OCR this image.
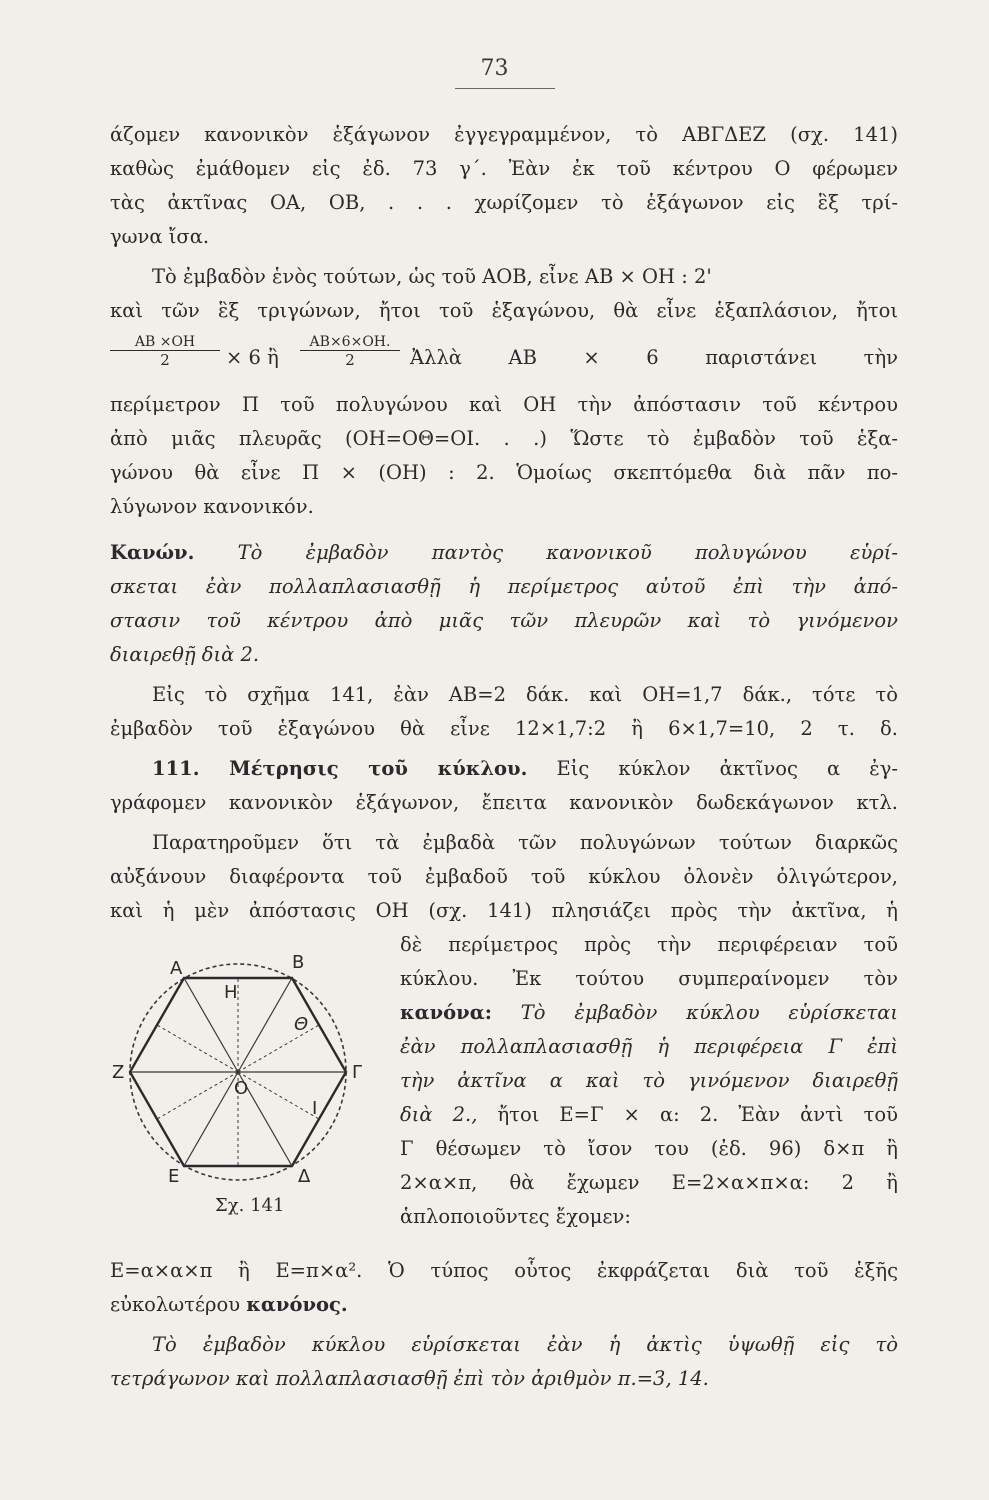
73

άζομεν κανονικὸν ἑξάγωνον ἐγγεγραμμένον, τὸ ΑΒΓΔΕΖ (σχ. 141)

καθὼς ἐμάθομεν εἰς ἐδ. 73 γ΄. Ἐὰν ἐκ τοῦ κέντρου Ο φέρωμεν

τὰς ἀκτῖνας ΟΑ, ΟΒ, . . . χωρίζομεν τὸ ἑξάγωνον εἰς ἓξ τρί-

γωνα ἴσα.

Τὸ ἐμβαδὸν ἑνὸς τούτων, ὡς τοῦ ΑΟΒ, εἶνε ΑΒ ⨯ ΟΗ : 2'

καὶ τῶν ἓξ τριγώνων, ἤτοι τοῦ ἑξαγώνου, θὰ εἶνε ἑξαπλάσιον, ἤτοι

ΑΒ ⨯ΟΗ
2	⨯ 6 ἢ

ΑΒ⨯6⨯ΟΗ.
2	Ἀλλὰ ΑΒ ⨯ 6 παριστάνει τὴν

περίμετρον Π τοῦ πολυγώνου καὶ ΟΗ τὴν ἀπόστασιν τοῦ κέντρου

ἀπὸ μιᾶς πλευρᾶς (ΟΗ=ΟΘ=ΟΙ. . .) Ὥστε τὸ ἐμβαδὸν τοῦ ἑξα-

γώνου θὰ εἶνε Π ⨯ (ΟΗ) : 2. Ὁμοίως σκεπτόμεθα διὰ πᾶν πο-

λύγωνον κανονικόν.

Κανών. Τὸ ἐμβαδὸν παντὸς κανονικοῦ πολυγώνου εὑρί-

σκεται ἐὰν πολλαπλασιασθῇ ἡ περίμετρος αὐτοῦ ἐπὶ τὴν ἀπό-

στασιν τοῦ κέντρου ἀπὸ μιᾶς τῶν πλευρῶν καὶ τὸ γινόμενον

διαιρεθῇ διὰ 2.

Εἰς τὸ σχῆμα 141, ἐὰν ΑΒ=2 δάκ. καὶ ΟΗ=1,7 δάκ., τότε τὸ

ἐμβαδὸν τοῦ ἑξαγώνου θὰ εἶνε 12⨯1,7:2 ἢ 6⨯1,7=10, 2 τ. δ.

111. Μέτρησις τοῦ κύκλου. Εἰς κύκλον ἀκτῖνος α ἐγ-

γράφομεν κανονικὸν ἑξάγωνον, ἔπειτα κανονικὸν δωδεκάγωνον κτλ.

Παρατηροῦμεν ὅτι τὰ ἐμβαδὰ τῶν πολυγώνων τούτων διαρκῶς

αὐξάνουν διαφέροντα τοῦ ἐμβαδοῦ τοῦ κύκλου ὀλονὲν ὀλιγώτερον,

καὶ ἡ μὲν ἀπόστασις ΟΗ (σχ. 141) πλησιάζει πρὸς τὴν ἀκτῖνα, ἡ

δὲ περίμετρος πρὸς τὴν περιφέρειαν τοῦ

κύκλου. Ἐκ τούτου συμπεραίνομεν τὸν

κανόνα: Τὸ ἐμβαδὸν κύκλου εὑρίσκεται

ἐὰν πολλαπλασιασθῇ ἡ περιφέρεια Γ ἐπὶ

τὴν ἀκτῖνα α καὶ τὸ γινόμενον διαιρεθῇ

διὰ 2., ἤτοι Ε=Γ ⨯ α: 2. Ἐὰν ἀντὶ τοῦ

Γ θέσωμεν τὸ ἴσον του (ἐδ. 96) δ⨯π ἢ

2⨯α⨯π, θὰ ἔχωμεν Ε=2⨯α⨯π⨯α: 2 ἢ

ἁπλοποιοῦντες ἔχομεν:

Α	Β
Γ
Δ
Ε
Ζ
Ο
Η
Θ
Ι
Σχ. 141

Ε=α⨯α⨯π ἢ Ε=π⨯α². Ὁ τύπος οὗτος ἐκφράζεται διὰ τοῦ ἑξῆς

εὐκολωτέρου κανόνος.

Τὸ ἐμβαδὸν κύκλου εὑρίσκεται ἐὰν ἡ ἀκτὶς ὑψωθῇ εἰς τὸ

τετράγωνον καὶ πολλαπλασιασθῇ ἐπὶ τὸν ἀριθμὸν π.=3, 14.
